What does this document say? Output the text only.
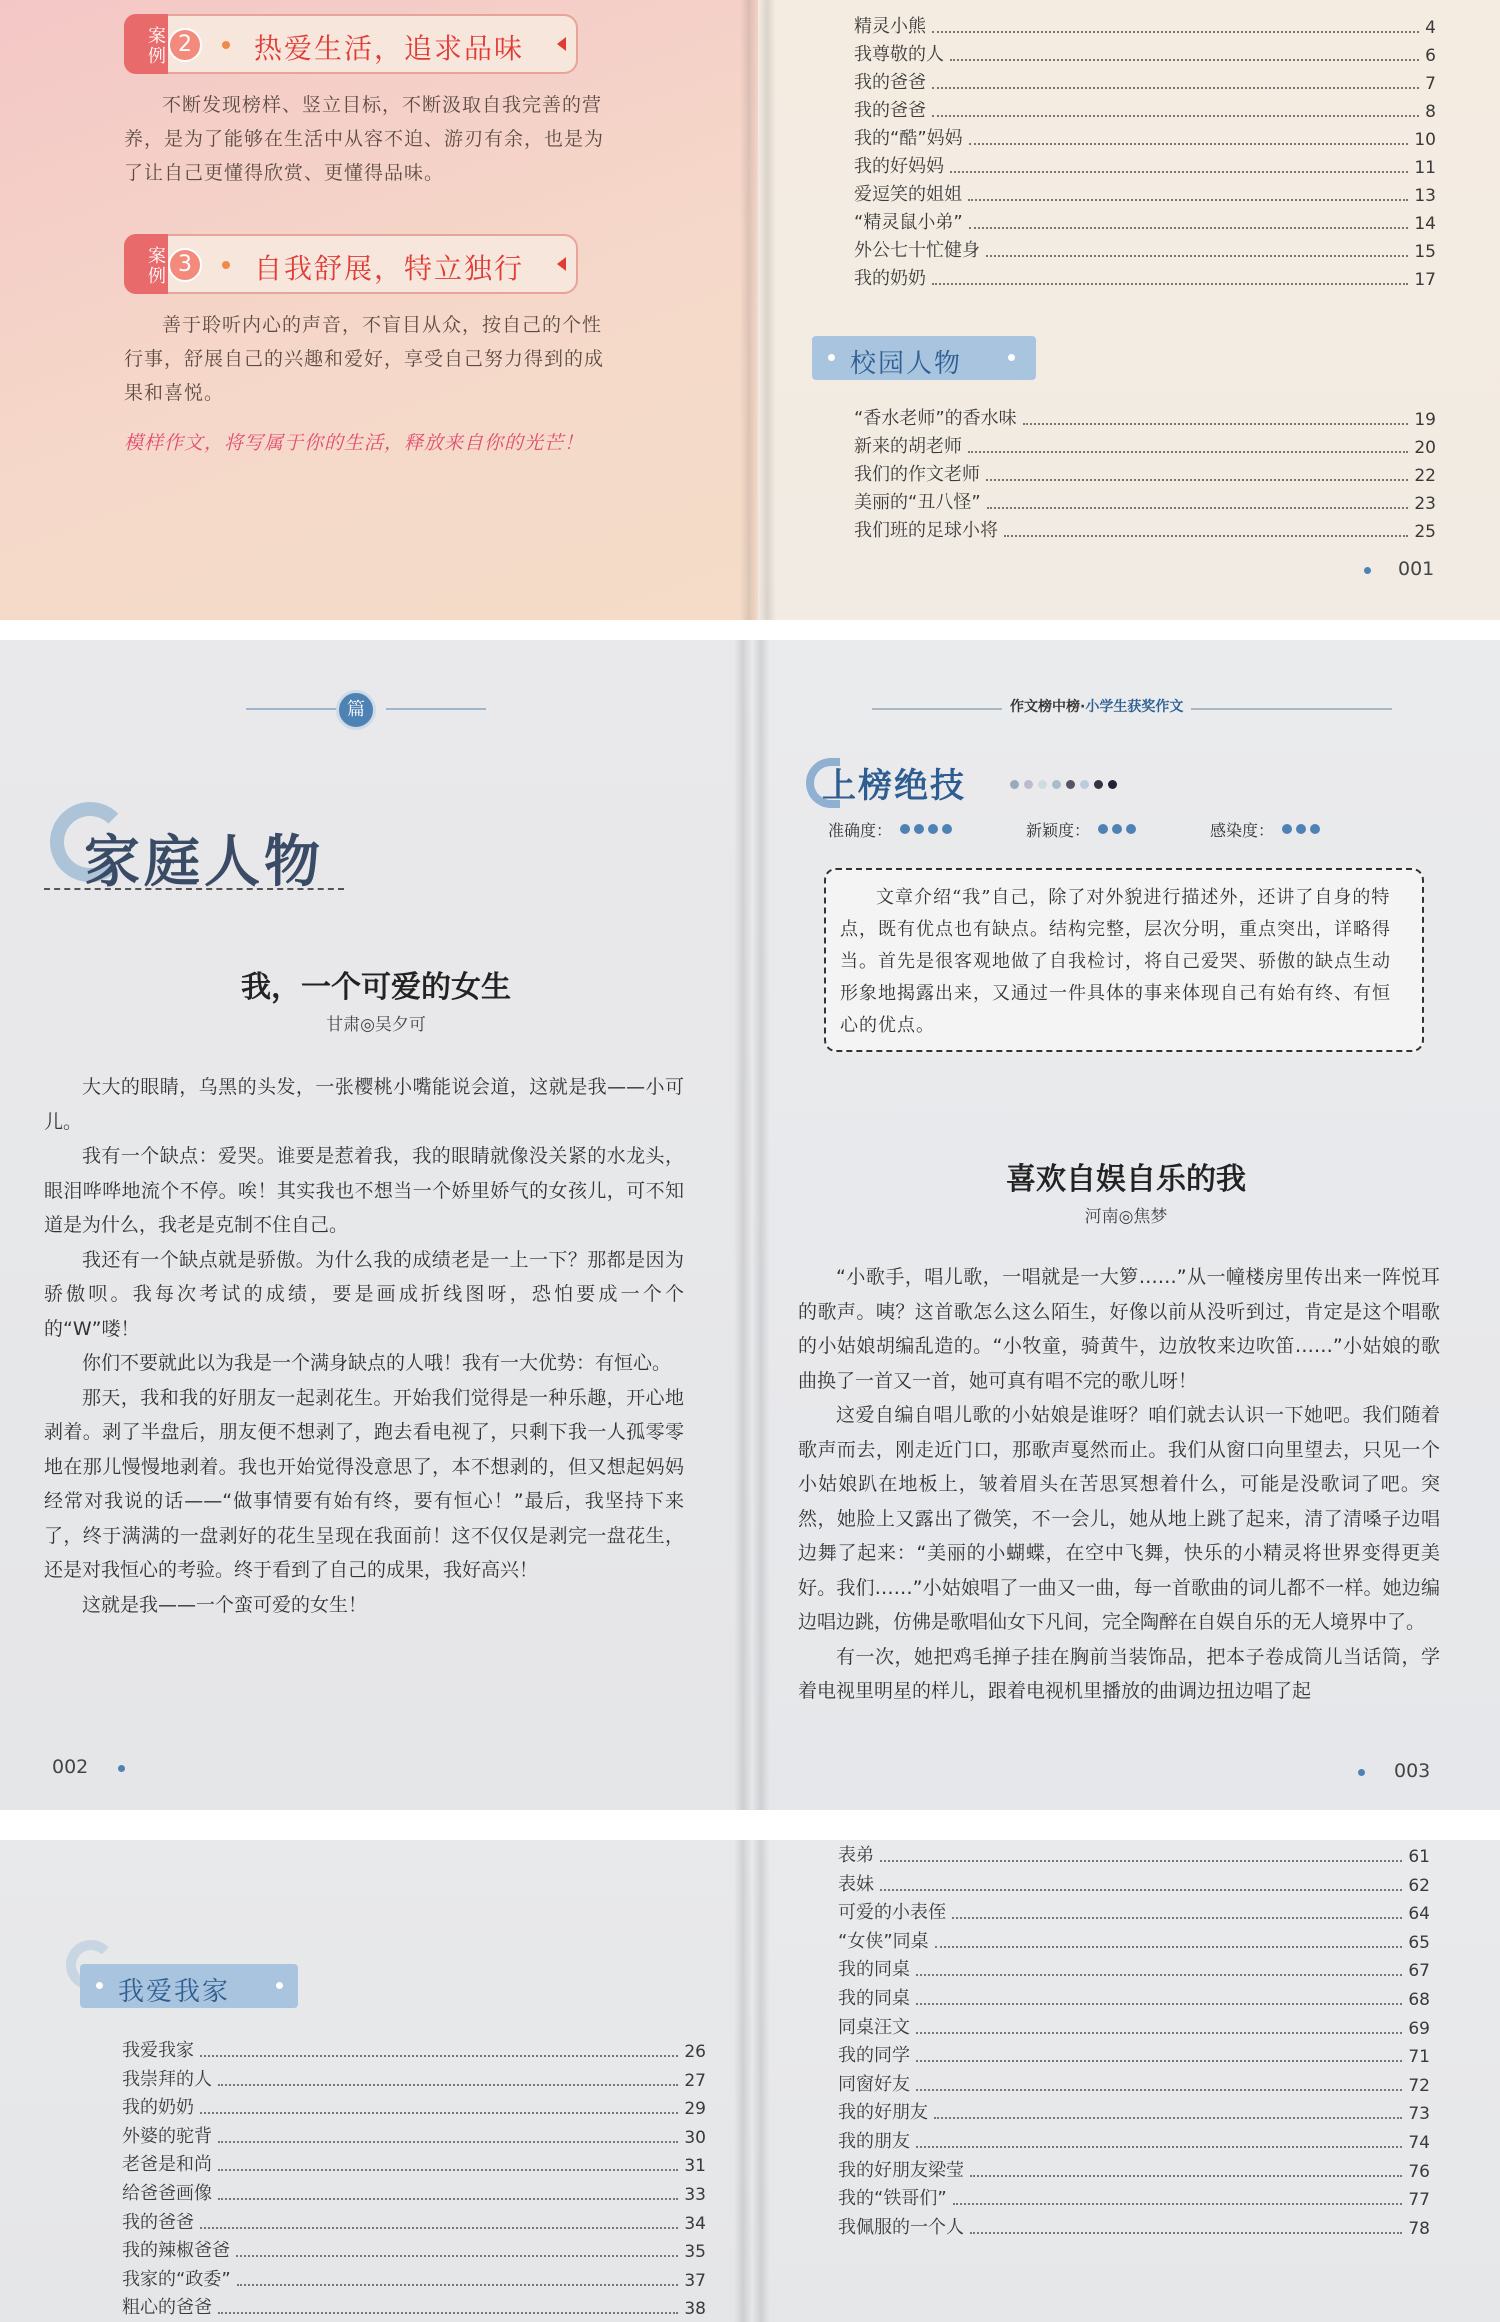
案例 2	热爱生活，追求品味
不断发现榜样、竖立目标，不断汲取自我完善的营养，是为了能够在生活中从容不迫、游刃有余，也是为了让自己更懂得欣赏、更懂得品味。
案例 3	自我舒展，特立独行
善于聆听内心的声音，不盲目从众，按自己的个性行事，舒展自己的兴趣和爱好，享受自己努力得到的成果和喜悦。
模样作文，将写属于你的生活，释放来自你的光芒！
精灵小熊	4
我尊敬的人	6
我的爸爸	7
我的爸爸	8
我的“酷”妈妈	10
我的好妈妈	11
爱逗笑的姐姐	13
“精灵鼠小弟”	14
外公七十忙健身	15
我的奶奶	17
校园人物
“香水老师”的香水味	19
新来的胡老师	20
我们的作文老师	22
美丽的“丑八怪”	23
我们班的足球小将	25
001
篇
家庭人物
我，一个可爱的女生
甘肃◎吴夕可

大大的眼睛，乌黑的头发，一张樱桃小嘴能说会道，这就是我——小可儿。

我有一个缺点：爱哭。谁要是惹着我，我的眼睛就像没关紧的水龙头，眼泪哗哗地流个不停。唉！其实我也不想当一个娇里娇气的女孩儿，可不知道是为什么，我老是克制不住自己。

我还有一个缺点就是骄傲。为什么我的成绩老是一上一下？那都是因为骄傲呗。我每次考试的成绩，要是画成折线图呀，恐怕要成一个个的“W”喽！

你们不要就此以为我是一个满身缺点的人哦！我有一大优势：有恒心。

那天，我和我的好朋友一起剥花生。开始我们觉得是一种乐趣，开心地剥着。剥了半盘后，朋友便不想剥了，跑去看电视了，只剩下我一人孤零零地在那儿慢慢地剥着。我也开始觉得没意思了，本不想剥的，但又想起妈妈经常对我说的话——“做事情要有始有终，要有恒心！”最后，我坚持下来了，终于满满的一盘剥好的花生呈现在我面前！这不仅仅是剥完一盘花生，还是对我恒心的考验。终于看到了自己的成果，我好高兴！

这就是我——一个蛮可爱的女生！

002
作文榜中榜·小学生获奖作文
上榜绝技
准确度：	新颖度：	感染度：
文章介绍“我”自己，除了对外貌进行描述外，还讲了自身的特点，既有优点也有缺点。结构完整，层次分明，重点突出，详略得当。首先是很客观地做了自我检讨，将自己爱哭、骄傲的缺点生动形象地揭露出来，又通过一件具体的事来体现自己有始有终、有恒心的优点。
喜欢自娱自乐的我
河南◎焦梦

“小歌手，唱儿歌，一唱就是一大箩……”从一幢楼房里传出来一阵悦耳的歌声。咦？这首歌怎么这么陌生，好像以前从没听到过，肯定是这个唱歌的小姑娘胡编乱造的。“小牧童，骑黄牛，边放牧来边吹笛……”小姑娘的歌曲换了一首又一首，她可真有唱不完的歌儿呀！

这爱自编自唱儿歌的小姑娘是谁呀？咱们就去认识一下她吧。我们随着歌声而去，刚走近门口，那歌声戛然而止。我们从窗口向里望去，只见一个小姑娘趴在地板上，皱着眉头在苦思冥想着什么，可能是没歌词了吧。突然，她脸上又露出了微笑，不一会儿，她从地上跳了起来，清了清嗓子边唱边舞了起来：“美丽的小蝴蝶，在空中飞舞，快乐的小精灵将世界变得更美好。我们……”小姑娘唱了一曲又一曲，每一首歌曲的词儿都不一样。她边编边唱边跳，仿佛是歌唱仙女下凡间，完全陶醉在自娱自乐的无人境界中了。

有一次，她把鸡毛掸子挂在胸前当装饰品，把本子卷成筒儿当话筒，学着电视里明星的样儿，跟着电视机里播放的曲调边扭边唱了起

003
我爱我家
我爱我家	26
我崇拜的人	27
我的奶奶	29
外婆的驼背	30
老爸是和尚	31
给爸爸画像	33
我的爸爸	34
我的辣椒爸爸	35
我家的“政委”	37
粗心的爸爸	38
表弟	61
表妹	62
可爱的小表侄	64
“女侠”同桌	65
我的同桌	67
我的同桌	68
同桌汪文	69
我的同学	71
同窗好友	72
我的好朋友	73
我的朋友	74
我的好朋友梁莹	76
我的“铁哥们”	77
我佩服的一个人	78
